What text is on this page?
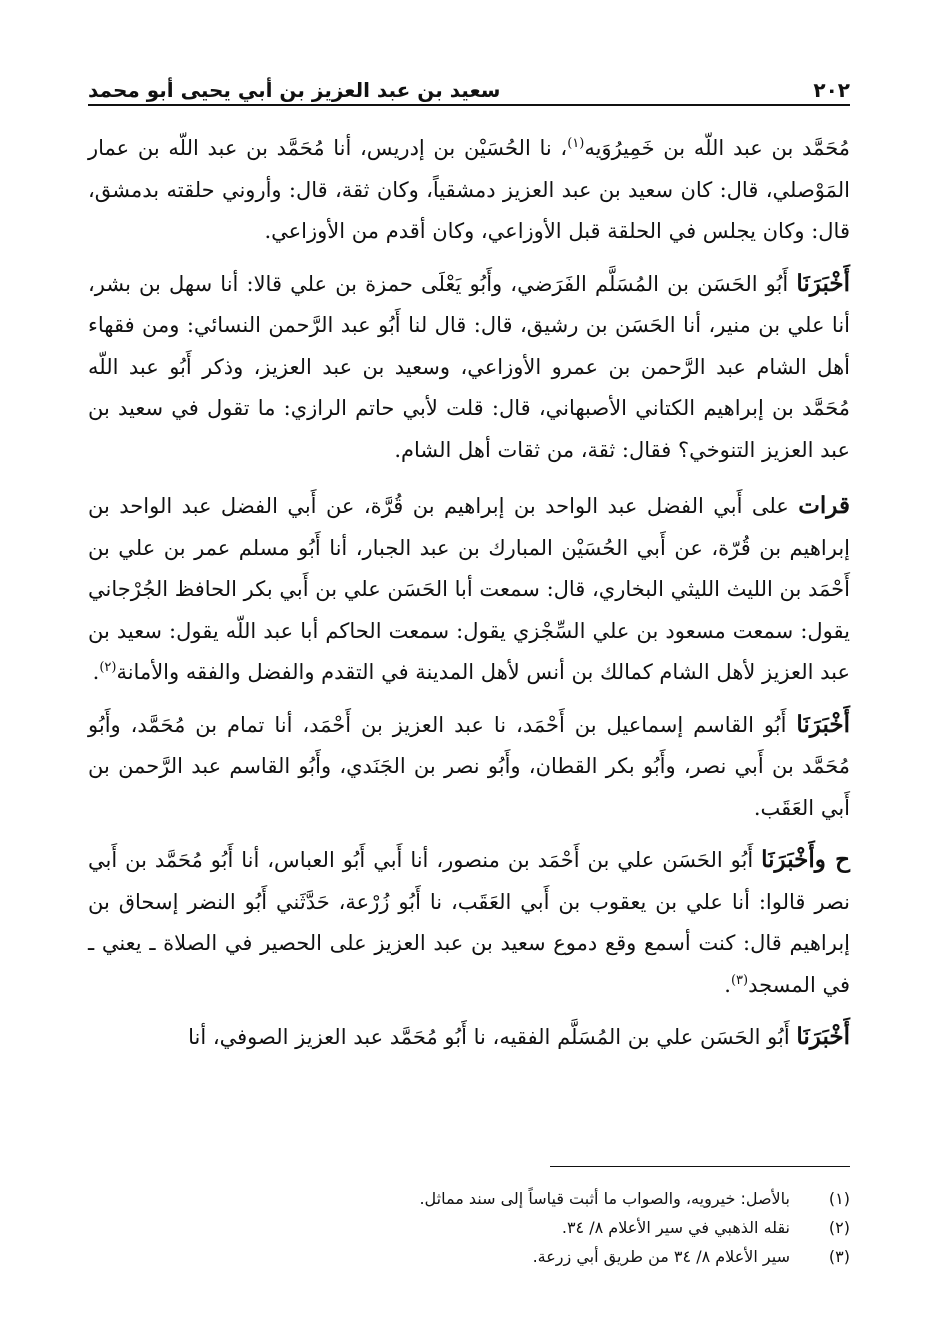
٢٠٢
سعيد بن عبد العزيز بن أبي يحيى أبو محمد

مُحَمَّد بن عبد اللّه بن خَمِيرُوَيه$^{(١)}$، نا الحُسَيْن بن إدريس، أنا مُحَمَّد بن عبد اللّه بن عمار المَوْصلي، قال: كان سعيد بن عبد العزيز دمشقياً، وكان ثقة، قال: وأروني حلقته بدمشق، قال: وكان يجلس في الحلقة قبل الأوزاعي، وكان أقدم من الأوزاعي.

أَخْبَرَنَا أَبُو الحَسَن بن المُسَلَّم الفَرَضي، وأَبُو يَعْلَى حمزة بن علي قالا: أنا سهل بن بشر، أنا علي بن منير، أنا الحَسَن بن رشيق، قال: قال لنا أَبُو عبد الرَّحمن النسائي: ومن فقهاء أهل الشام عبد الرَّحمن بن عمرو الأوزاعي، وسعيد بن عبد العزيز، وذكر أَبُو عبد اللّه مُحَمَّد بن إبراهيم الكتاني الأصبهاني، قال: قلت لأبي حاتم الرازي: ما تقول في سعيد بن عبد العزيز التنوخي؟ فقال: ثقة، من ثقات أهل الشام.

قرات على أَبي الفضل عبد الواحد بن إبراهيم بن قُرَّة، عن أَبي الفضل عبد الواحد بن إبراهيم بن قُرّة، عن أَبي الحُسَيْن المبارك بن عبد الجبار، أنا أَبُو مسلم عمر بن علي بن أَحْمَد بن الليث الليثي البخاري، قال: سمعت أبا الحَسَن علي بن أَبي بكر الحافظ الجُرْجاني يقول: سمعت مسعود بن علي السِّجْزي يقول: سمعت الحاكم أبا عبد اللّه يقول: سعيد بن عبد العزيز لأهل الشام كمالك بن أنس لأهل المدينة في التقدم والفضل والفقه والأمانة$^{(٢)}$.

أَخْبَرَنَا أَبُو القاسم إسماعيل بن أَحْمَد، نا عبد العزيز بن أَحْمَد، أنا تمام بن مُحَمَّد، وأَبُو مُحَمَّد بن أَبي نصر، وأَبُو بكر القطان، وأَبُو نصر بن الجَنَدي، وأَبُو القاسم عبد الرَّحمن بن أَبي العَقَب.

ح وأَخْبَرَنَا أَبُو الحَسَن علي بن أَحْمَد بن منصور، أنا أَبي أَبُو العباس، أنا أَبُو مُحَمَّد بن أَبي نصر قالوا: أنا علي بن يعقوب بن أَبي العَقَب، نا أَبُو زُرْعة، حَدَّثَني أَبُو النضر إسحاق بن إبراهيم قال: كنت أسمع وقع دموع سعيد بن عبد العزيز على الحصير في الصلاة ـ يعني ـ في المسجد$^{(٣)}$.

أَخْبَرَنَا أَبُو الحَسَن علي بن المُسَلَّم الفقيه، نا أَبُو مُحَمَّد عبد العزيز الصوفي، أنا

(١)
بالأصل: خيرويه، والصواب ما أثبت قياساً إلى سند مماثل.
(٢)
نقله الذهبي في سير الأعلام ٨/ ٣٤.
(٣)
سير الأعلام ٨/ ٣٤ من طريق أبي زرعة.
